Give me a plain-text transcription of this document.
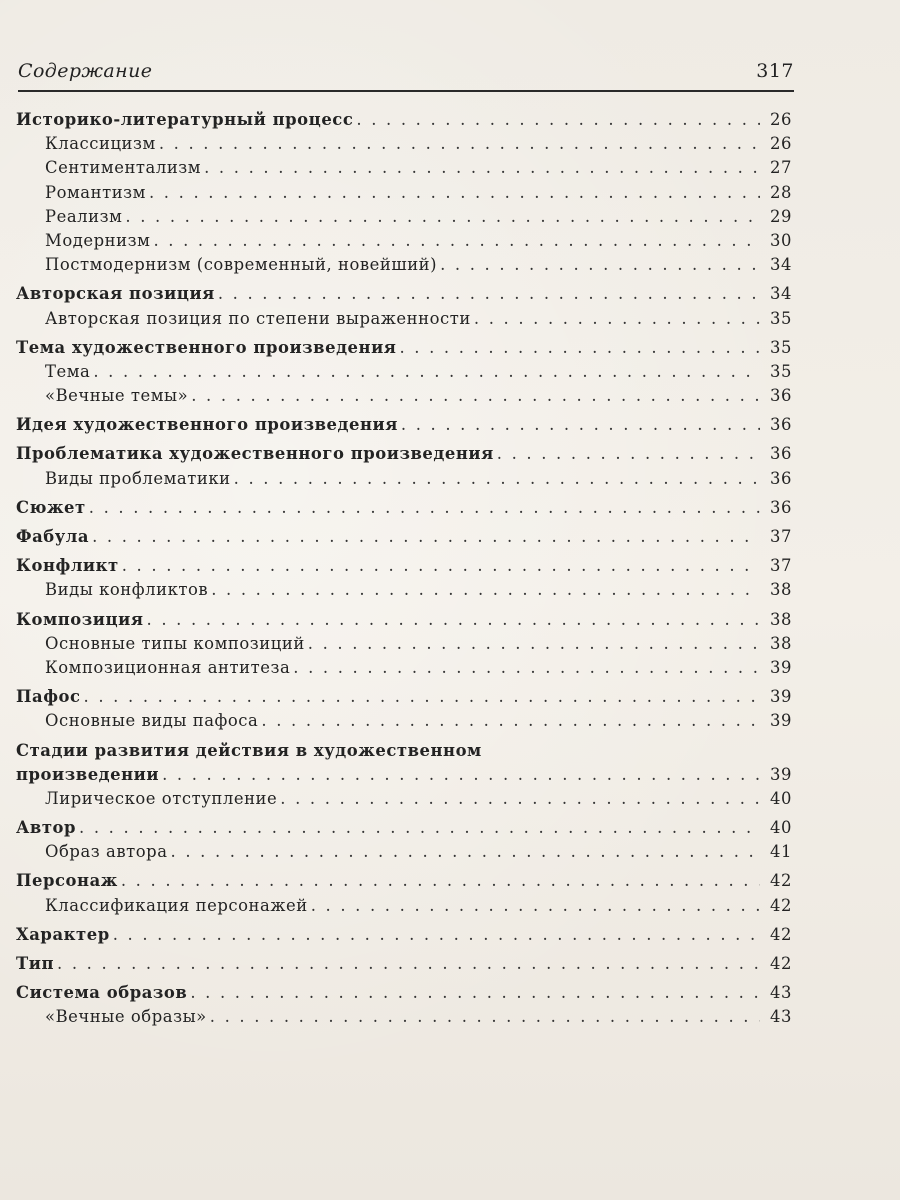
Содержание	317
Историко-литературный процесс . . .	26
Классицизм . . .	26
Сентиментализм . . .	27
Романтизм . . .	28
Реализм . . .	29
Модернизм . . .	30
Постмодернизм (современный, новейший) . . .	34
Авторская позиция . . .	34
Авторская позиция по степени выраженности . . .	35
Тема художественного произведения . . .	35
Тема . . .	35
«Вечные темы» . . .	36
Идея художественного произведения . . .	36
Проблематика художественного произведения . . .	36
Виды проблематики . . .	36
Сюжет . . .	36
Фабула . . .	37
Конфликт . . .	37
Виды конфликтов . . .	38
Композиция . . .	38
Основные типы композиций . . .	38
Композиционная антитеза . . .	39
Пафос . . .	39
Основные виды пафоса . . .	39
Стадии развития действия в художественном
произведении . . .	39
Лирическое отступление . . .	40
Автор . . .	40
Образ автора . . .	41
Персонаж . . .	42
Классификация персонажей . . .	42
Характер . . .	42
Тип . . .	42
Система образов . . .	43
«Вечные образы» . . .	43
